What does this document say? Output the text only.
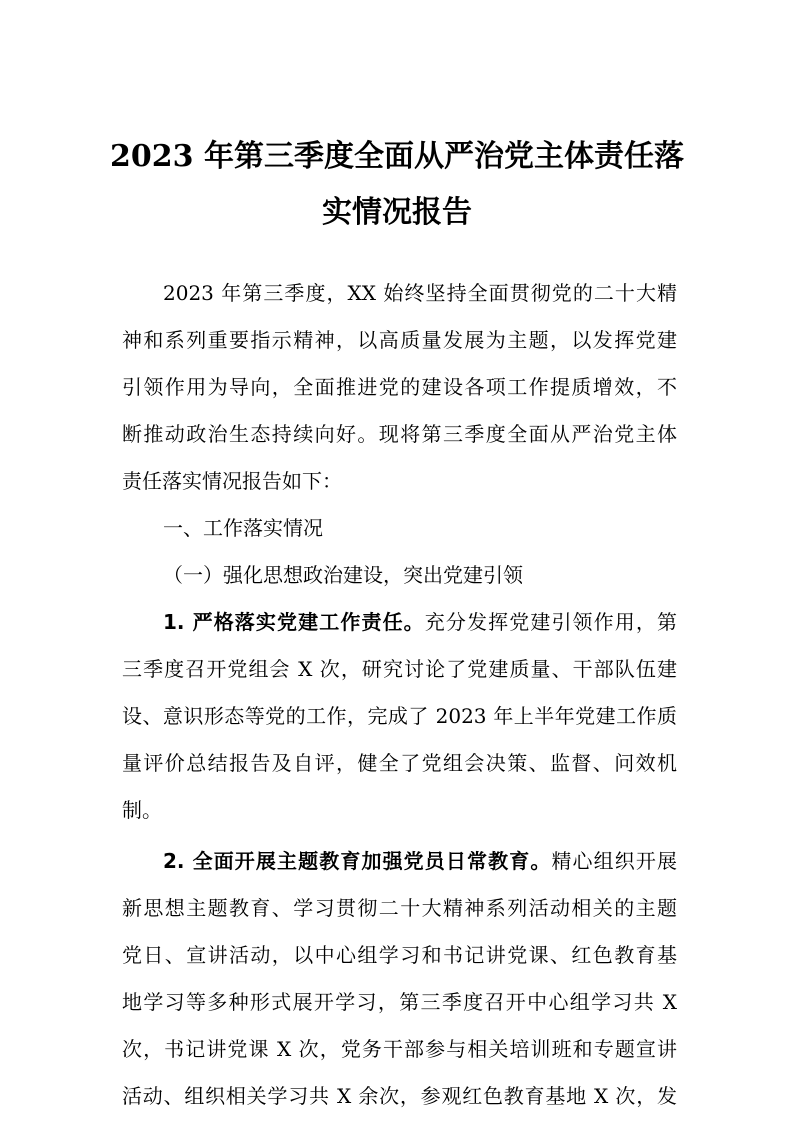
2023 年第三季度全面从严治党主体责任落
实情况报告
2023 年第三季度，XX 始终坚持全面贯彻党的二十大精
神和系列重要指示精神，以高质量发展为主题，以发挥党建
引领作用为导向，全面推进党的建设各项工作提质增效，不
断推动政治生态持续向好。现将第三季度全面从严治党主体
责任落实情况报告如下：
一、工作落实情况
（一）强化思想政治建设，突出党建引领
1. 严格落实党建工作责任。充分发挥党建引领作用，第
三季度召开党组会 X 次，研究讨论了党建质量、干部队伍建
设、意识形态等党的工作，完成了 2023 年上半年党建工作质
量评价总结报告及自评，健全了党组会决策、监督、问效机
制。
2. 全面开展主题教育加强党员日常教育。精心组织开展
新思想主题教育、学习贯彻二十大精神系列活动相关的主题
党日、宣讲活动，以中心组学习和书记讲党课、红色教育基
地学习等多种形式展开学习，第三季度召开中心组学习共 X
次，书记讲党课 X 次，党务干部参与相关培训班和专题宣讲
活动、组织相关学习共 X 余次，参观红色教育基地 X 次，发
